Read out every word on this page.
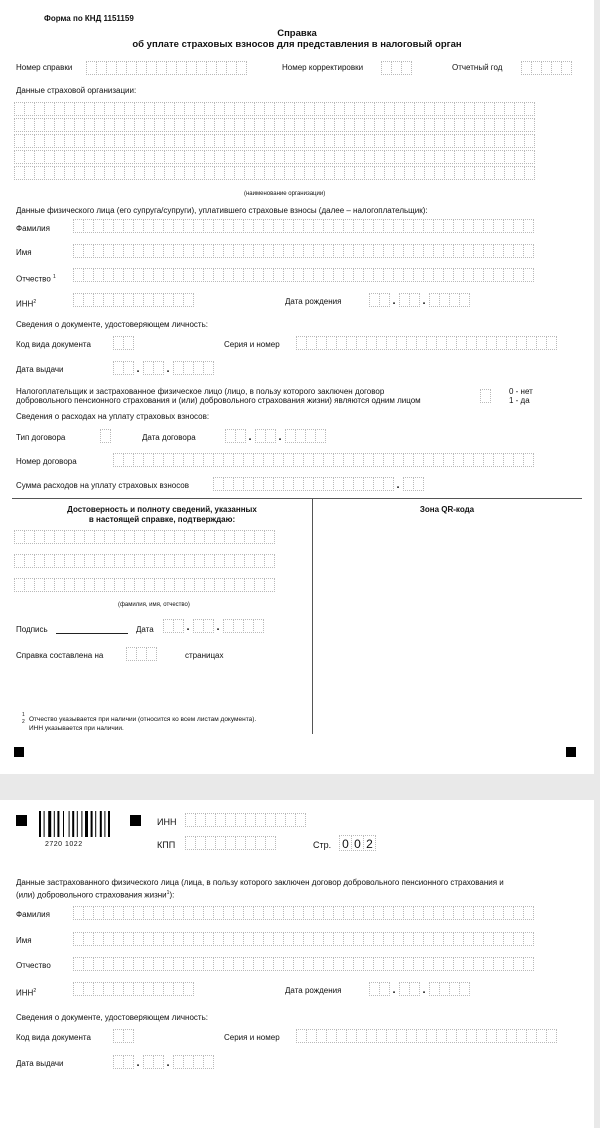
Форма по КНД 1151159
Справка
об уплате страховых взносов для представления в налоговый орган
Номер справки	Номер корректировки	Отчетный год
Данные страховой организации:
(наименование организации)
Данные физического лица (его супруга/супруги), уплатившего страховые взносы (далее – налогоплательщик):
Фамилия
Имя
Отчество $^1$
ИНН$^2$	Дата рождения	.	.
Сведения о документе, удостоверяющем личность:
Код вида документа	Серия и номер
Дата выдачи	.	.
Налогоплательщик и застрахованное физическое лицо (лицо, в пользу которого заключен договор
добровольного пенсионного страхования и (или) добровольного страхования жизни) являются одним лицом
0 - нет
1 - да
Сведения о расходах на уплату страховых взносов:
Тип договора	Дата договора	.	.
Номер договора
Сумма расходов на уплату страховых взносов	.
Достоверность и полноту сведений, указанных
в настоящей справке, подтверждаю:
Зона QR-кода
(фамилия, имя, отчество)
Подпись	Дата	.	.
Справка составлена на	страницах
1
2 Отчество указывается при наличии (относится ко всем листам документа).
ИНН указывается при наличии.
2720 1022
ИНН
КПП	Стр. 0 0 2
Данные застрахованного физического лица (лица, в пользу которого заключен договор добровольного пенсионного страхования и
(или) добровольного страхования жизни$^1$):
Фамилия
Имя
Отчество
ИНН$^2$	Дата рождения	.	.
Сведения о документе, удостоверяющем личность:
Код вида документа	Серия и номер
Дата выдачи	.	.
